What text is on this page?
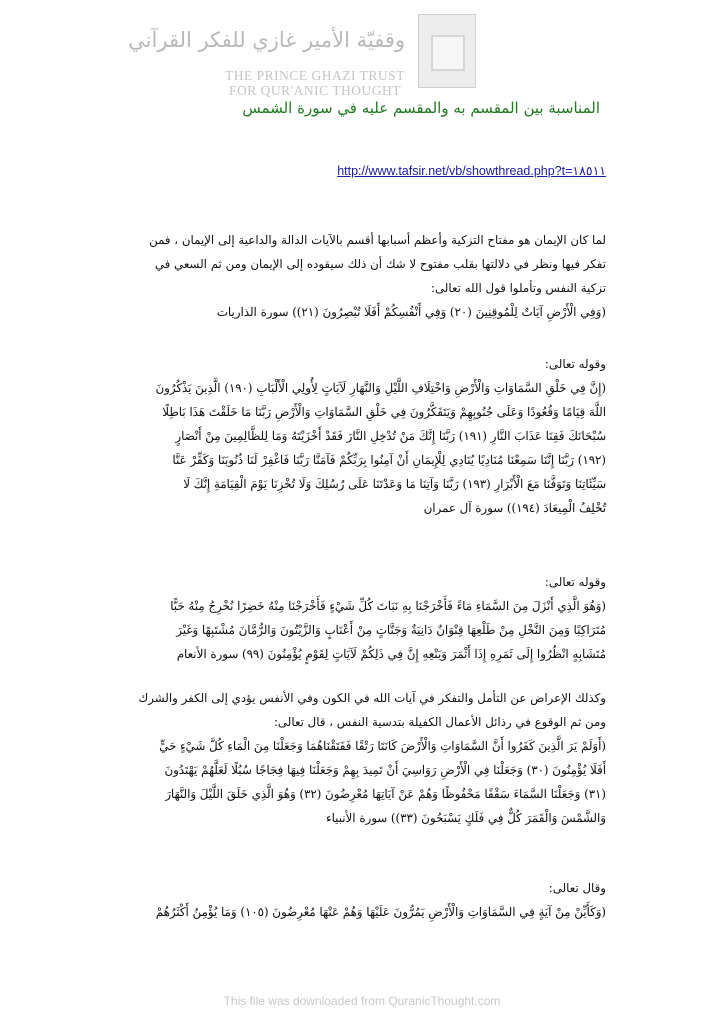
وقفيّة الأمير غازي للفكر القرآني
THE PRINCE GHAZI TRUST
FOR QUR'ANIC THOUGHT
المناسبة بين المقسم به والمقسم عليه في سورة الشمس
http://www.tafsir.net/vb/showthread.php?t=١٨٥١١
لما كان الإيمان هو مفتاح التزكية وأعظم أسبابها أقسم بالآيات الدالة والداعية إلى الإيمان ، فمن
تفكر فيها ونظر في دلالتها بقلب مفتوح لا شك أن ذلك سيقوده إلى الإيمان ومن ثم السعي في
تزكية النفس وتأملوا قول الله تعالى:
(وَفِي الْأَرْضِ آيَاتٌ لِلْمُوقِنِينَ (٢٠) وَفِي أَنْفُسِكُمْ أَفَلَا تُبْصِرُونَ (٢١)) سورة الذاريات
وقوله تعالى:
(إِنَّ فِي خَلْقِ السَّمَاوَاتِ وَالْأَرْضِ وَاخْتِلَافِ اللَّيْلِ وَالنَّهَارِ لَآيَاتٍ لِأُولِي الْأَلْبَابِ (١٩٠) الَّذِينَ يَذْكُرُونَ
اللَّهَ قِيَامًا وَقُعُودًا وَعَلَى جُنُوبِهِمْ وَيَتَفَكَّرُونَ فِي خَلْقِ السَّمَاوَاتِ وَالْأَرْضِ رَبَّنَا مَا خَلَقْتَ هَذَا بَاطِلًا
سُبْحَانَكَ فَقِنَا عَذَابَ النَّارِ (١٩١) رَبَّنَا إِنَّكَ مَنْ تُدْخِلِ النَّارَ فَقَدْ أَخْزَيْتَهُ وَمَا لِلظَّالِمِينَ مِنْ أَنْصَارٍ
(١٩٢) رَبَّنَا إِنَّنَا سَمِعْنَا مُنَادِيًا يُنَادِي لِلْإِيمَانِ أَنْ آمِنُوا بِرَبِّكُمْ فَآمَنَّا رَبَّنَا فَاغْفِرْ لَنَا ذُنُوبَنَا وَكَفِّرْ عَنَّا
سَيِّئَاتِنَا وَتَوَفَّنَا مَعَ الْأَبْرَارِ (١٩٣) رَبَّنَا وَآتِنَا مَا وَعَدْتَنَا عَلَى رُسُلِكَ وَلَا تُخْزِنَا يَوْمَ الْقِيَامَةِ إِنَّكَ لَا
تُخْلِفُ الْمِيعَادَ (١٩٤)) سورة آل عمران
وقوله تعالى:
(وَهُوَ الَّذِي أَنْزَلَ مِنَ السَّمَاءِ مَاءً فَأَخْرَجْنَا بِهِ نَبَاتَ كُلِّ شَيْءٍ فَأَخْرَجْنَا مِنْهُ خَضِرًا نُخْرِجُ مِنْهُ حَبًّا
مُتَرَاكِبًا وَمِنَ النَّخْلِ مِنْ طَلْعِهَا قِنْوَانٌ دَانِيَةٌ وَجَنَّاتٍ مِنْ أَعْنَابٍ وَالزَّيْتُونَ وَالرُّمَّانَ مُشْتَبِهًا وَغَيْرَ
مُتَشَابِهٍ انْظُرُوا إِلَى ثَمَرِهِ إِذَا أَثْمَرَ وَيَنْعِهِ إِنَّ فِي ذَلِكُمْ لَآيَاتٍ لِقَوْمٍ يُؤْمِنُونَ (٩٩) سورة الأنعام
وكذلك الإعراض عن التأمل والتفكر في آيات الله في الكون وفي الأنفس يؤدي إلى الكفر والشرك
ومن ثم الوقوع في رذائل الأعمال الكفيلة بتدسية النفس ، قال تعالى:
(أَوَلَمْ يَرَ الَّذِينَ كَفَرُوا أَنَّ السَّمَاوَاتِ وَالْأَرْضَ كَانَتَا رَتْقًا فَفَتَقْنَاهُمَا وَجَعَلْنَا مِنَ الْمَاءِ كُلَّ شَيْءٍ حَيٍّ
أَفَلَا يُؤْمِنُونَ (٣٠) وَجَعَلْنَا فِي الْأَرْضِ رَوَاسِيَ أَنْ تَمِيدَ بِهِمْ وَجَعَلْنَا فِيهَا فِجَاجًا سُبُلًا لَعَلَّهُمْ يَهْتَدُونَ
(٣١) وَجَعَلْنَا السَّمَاءَ سَقْفًا مَحْفُوظًا وَهُمْ عَنْ آيَاتِهَا مُعْرِضُونَ (٣٢) وَهُوَ الَّذِي خَلَقَ اللَّيْلَ وَالنَّهَارَ
وَالشَّمْسَ وَالْقَمَرَ كُلٌّ فِي فَلَكٍ يَسْبَحُونَ (٣٣)) سورة الأنبياء
وقال تعالى:
(وَكَأَيِّنْ مِنْ آيَةٍ فِي السَّمَاوَاتِ وَالْأَرْضِ يَمُرُّونَ عَلَيْهَا وَهُمْ عَنْهَا مُعْرِضُونَ (١٠٥) وَمَا يُؤْمِنُ أَكْثَرُهُمْ
This file was downloaded from QuranicThought.com
